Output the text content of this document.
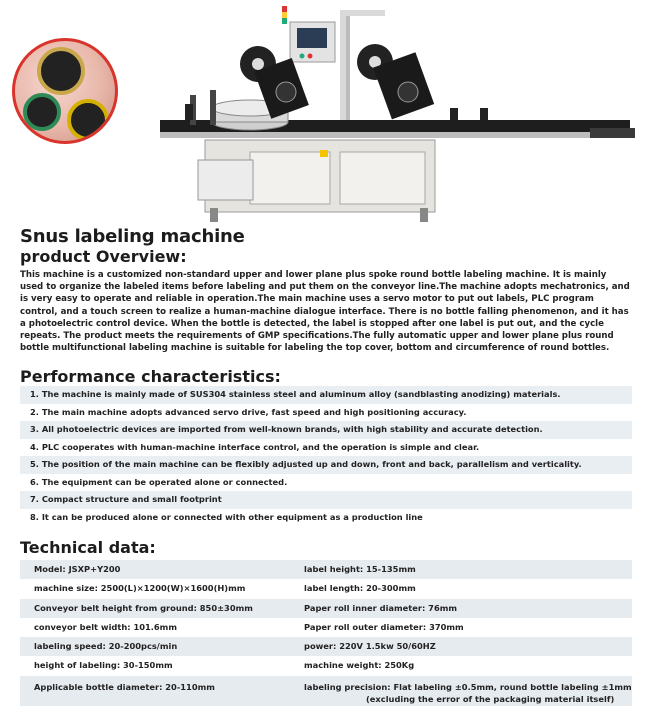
Snus labeling machine
product Overview:

This machine is a customized non-standard upper and lower plane plus spoke round bottle labeling machine. It is mainly used to organize the labeled items before labeling and put them on the conveyor line.The machine adopts mechatronics, and is very easy to operate and reliable in operation.The main machine uses a servo motor to put out labels, PLC program control, and a touch screen to realize a human-machine dialogue interface. There is no bottle falling phenomenon, and it has a photoelectric control device. When the bottle is detected, the label is stopped after one label is put out, and the cycle repeats. The product meets the requirements of GMP specifications.The fully automatic upper and lower plane plus round bottle multifunctional labeling machine is suitable for labeling the top cover, bottom and circumference of round bottles.

Performance characteristics:
1. The machine is mainly made of SUS304 stainless steel and aluminum alloy (sandblasting anodizing) materials.
2. The main machine adopts advanced servo drive, fast speed and high positioning accuracy.
3. All photoelectric devices are imported from well-known brands, with high stability and accurate detection.
4. PLC cooperates with human-machine interface control, and the operation is simple and clear.
5. The position of the main machine can be flexibly adjusted up and down, front and back, parallelism and verticality.
6. The equipment can be operated alone or connected.
7. Compact structure and small footprint
8. It can be produced alone or connected with other equipment as a production line
Technical data:
Model: JSXP+Y200	label height: 15-135mm
machine size: 2500(L)×1200(W)×1600(H)mm	label length: 20-300mm
Conveyor belt height from ground: 850±30mm	Paper roll inner diameter: 76mm
conveyor belt width: 101.6mm	Paper roll outer diameter: 370mm
labeling speed: 20-200pcs/min	power: 220V 1.5kw 50/60HZ
height of labeling: 30-150mm	machine weight: 250Kg
Applicable bottle diameter: 20-110mm	labeling precision: Flat labeling ±0.5mm, round bottle labeling ±1mm
(excluding the error of the packaging material itself)
